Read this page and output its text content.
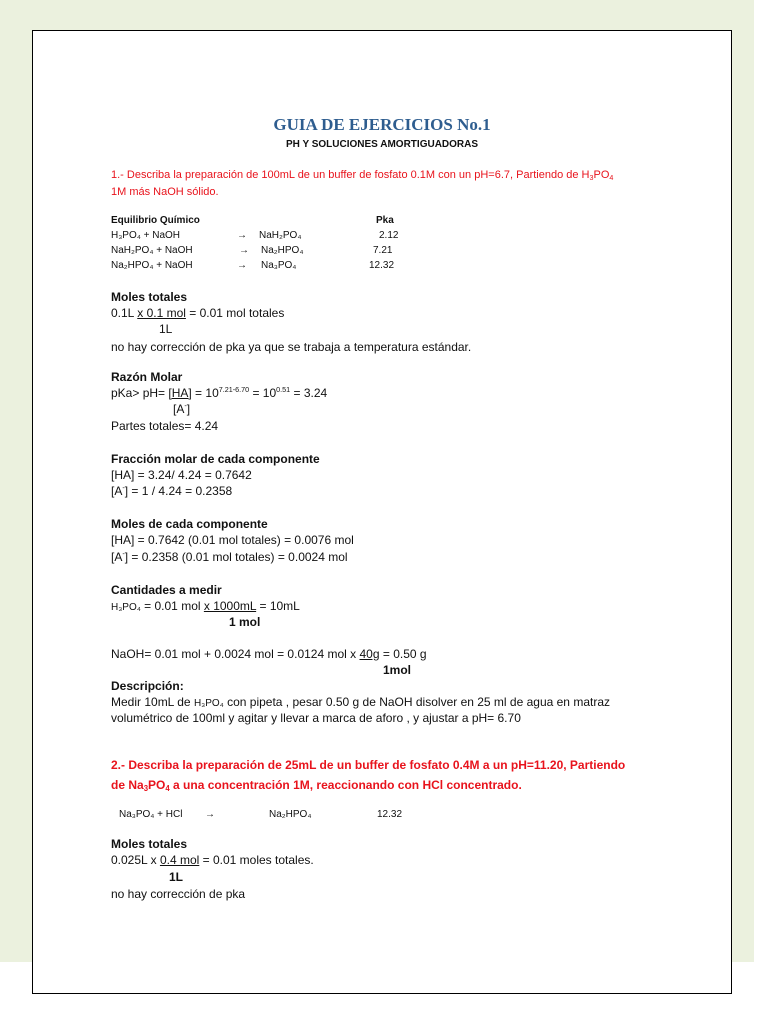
GUIA DE EJERCICIOS No.1
PH Y SOLUCIONES AMORTIGUADORAS
1.- Describa la preparación de 100mL de un buffer de fosfato 0.1M con un pH=6.7, Partiendo de $H_3PO_4$
1M más NaOH sólido.
Equilibrio Químico	Pka
H₃PO₄ + NaOH	→ NaH₂PO₄	2.12
NaH₂PO₄ + NaOH	→ Na₂HPO₄	7.21
Na₂HPO₄ + NaOH	→ Na₃PO₄	12.32
Moles totales
0.1L x 0.1 mol = 0.01 mol totales
1L
no hay corrección de pka ya que se trabaja a temperatura estándar.
Razón Molar
$pKa> pH= [HA] = 10^{7.21-6.70} = 10^{0.51} = 3.24$
[A-]
Partes totales= 4.24
Fracción molar de cada componente
[HA] = 3.24/ 4.24 = 0.7642
[A-] = 1 / 4.24 = 0.2358
Moles de cada componente
[HA] = 0.7642 (0.01 mol totales) = 0.0076 mol
[A-] = 0.2358 (0.01 mol totales) = 0.0024 mol
Cantidades a medir
H₃PO₄ = 0.01 mol x 1000mL = 10mL
1 mol
NaOH= 0.01 mol + 0.0024 mol = 0.0124 mol x 40g = 0.50 g
1mol
Descripción:
Medir 10mL de H₃PO₄ con pipeta , pesar 0.50 g de NaOH disolver en 25 ml de agua en matraz
volumétrico de 100ml y agitar y llevar a marca de aforo , y ajustar a pH= 6.70
2.- Describa la preparación de 25mL de un buffer de fosfato 0.4M a un pH=11.20, Partiendo
de $Na_3PO_4$ a una concentración 1M, reaccionando con HCl concentrado.
Na₃PO₄ + HCl →	Na₂HPO₄	12.32
Moles totales
0.025L x 0.4 mol = 0.01 moles totales.
1L
no hay corrección de pka
